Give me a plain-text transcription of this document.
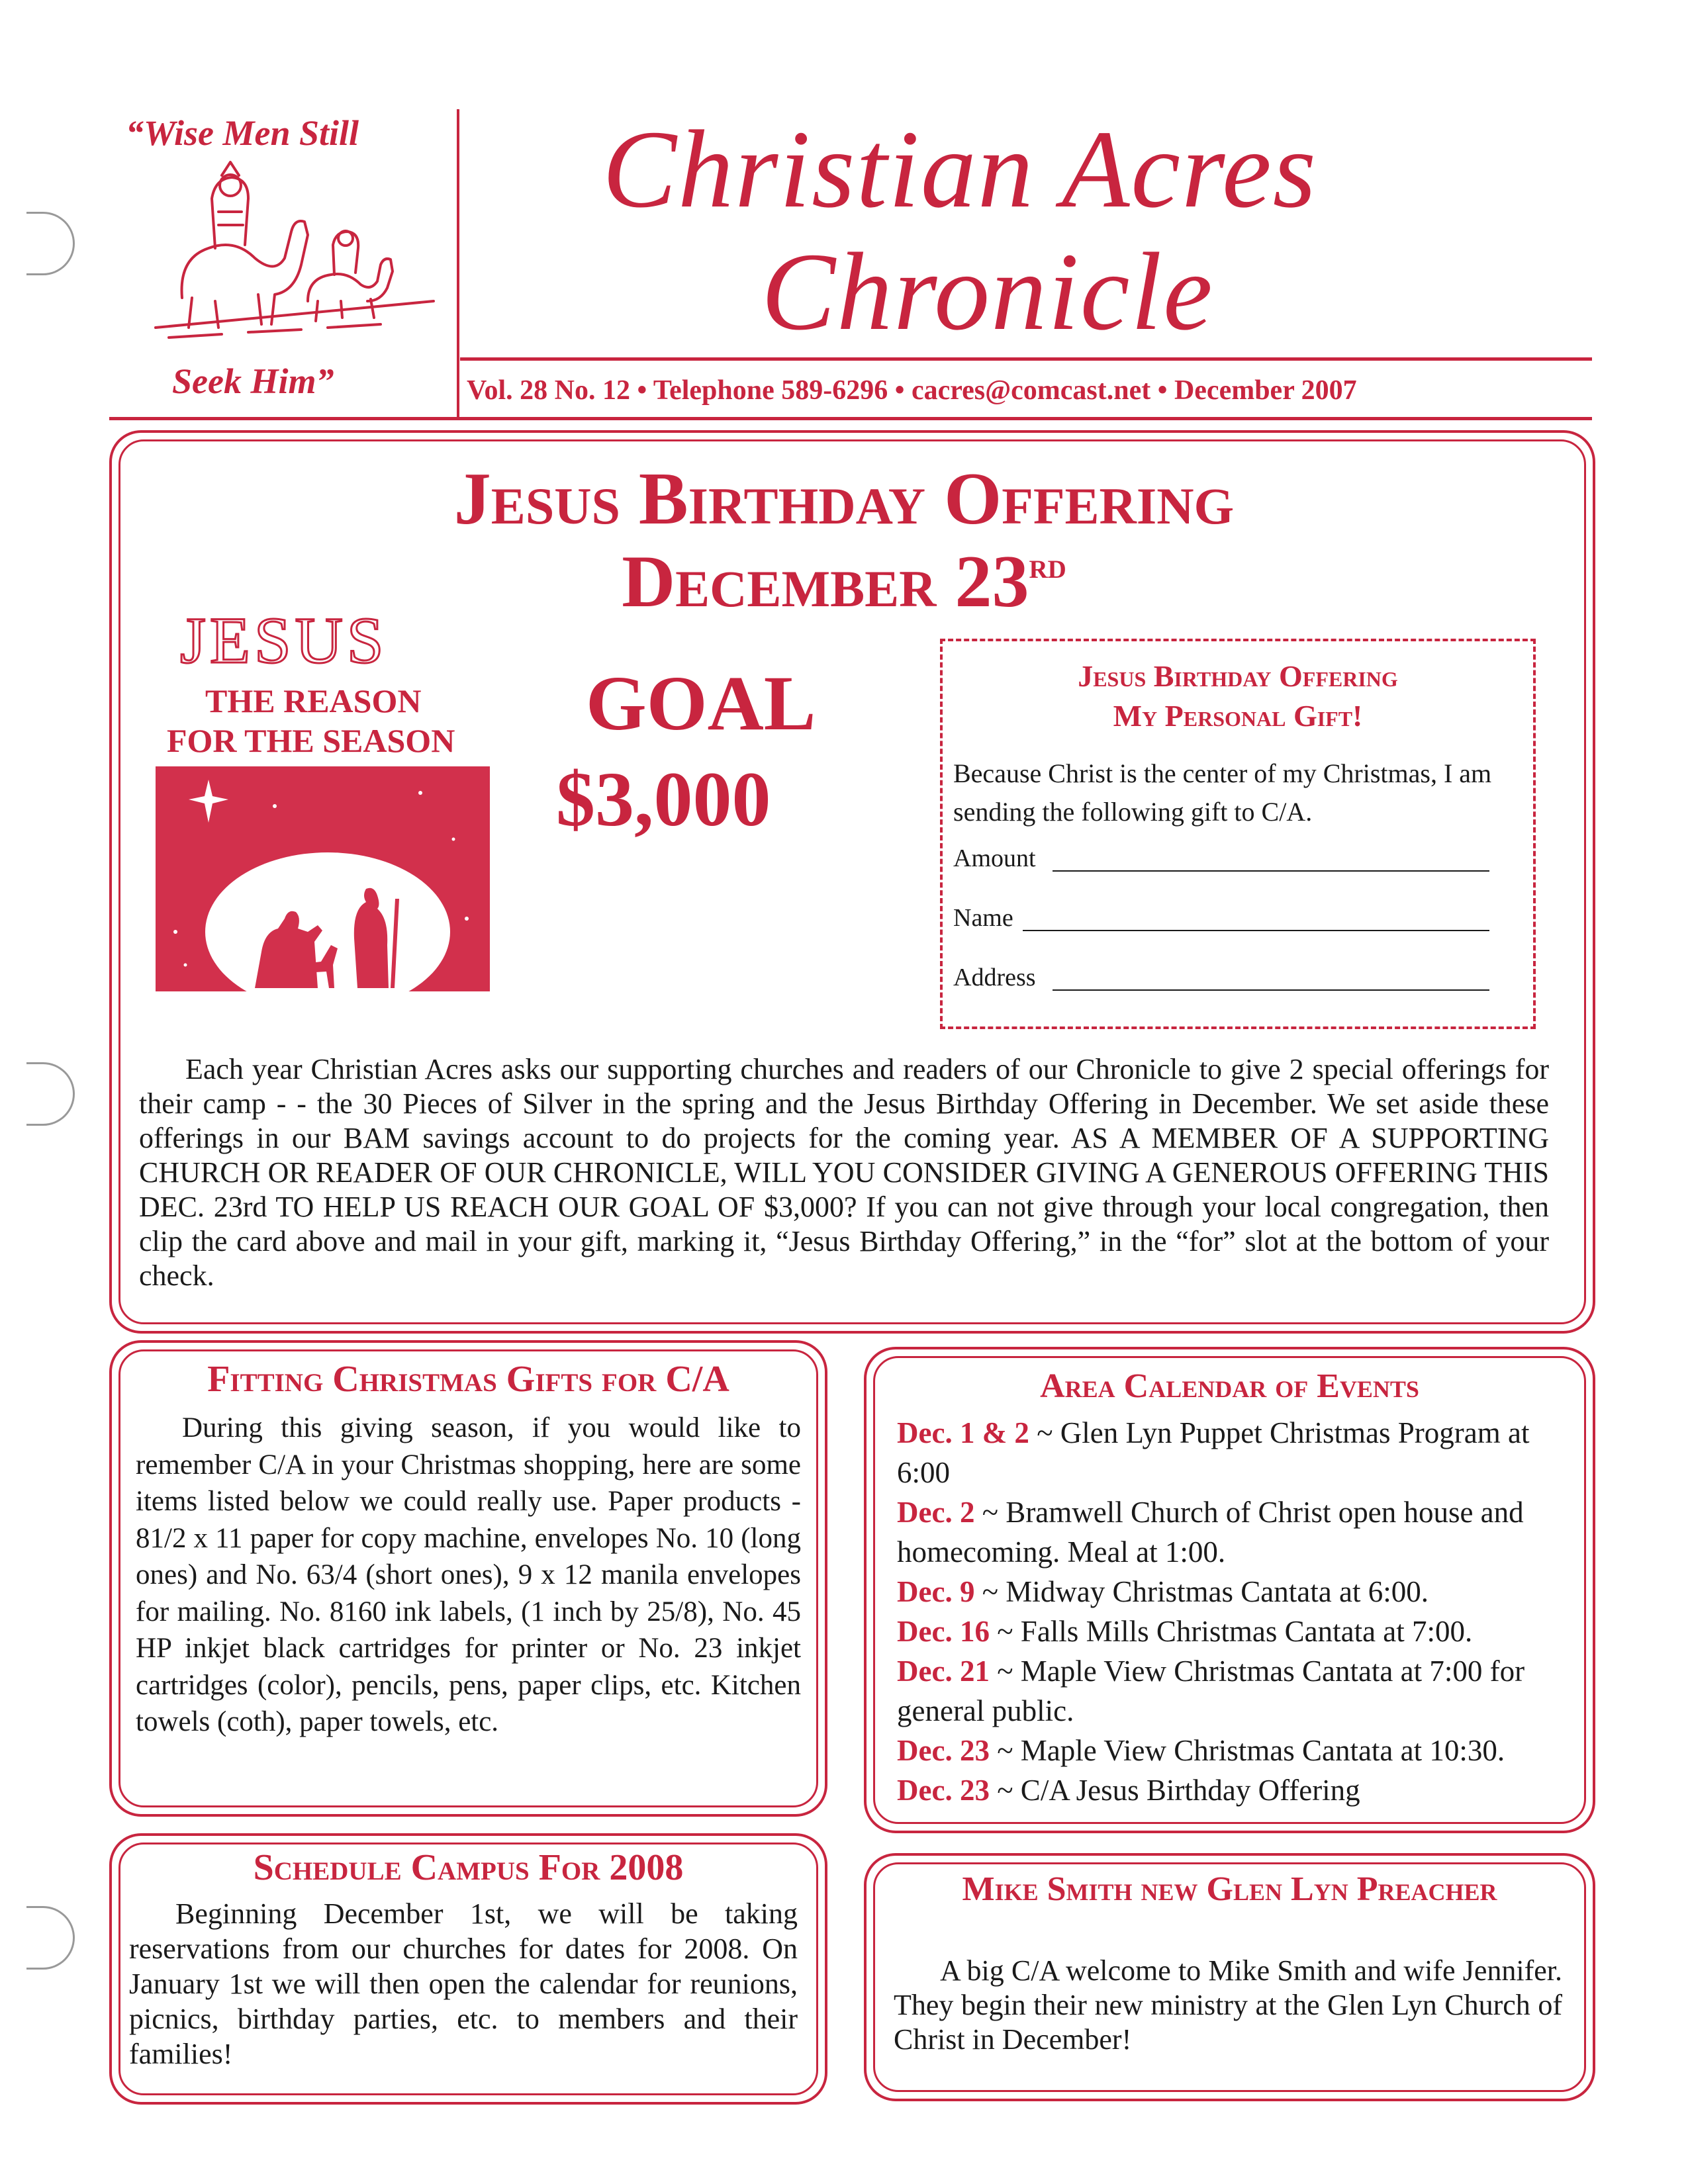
“Wise Men Still
Seek Him”
Christian Acres
Chronicle
Vol. 28 No. 12 • Telephone 589-6296 • cacres@comcast.net • December 2007
Jesus Birthday Offering
December 23rd
JESUS
THE REASON
FOR THE SEASON GOAL
$3,000
Jesus Birthday Offering
My Personal Gift!
Because Christ is the center of my Christmas, I am sending the following gift to C/A.
Amount
Name
Address

Each year Christian Acres asks our supporting churches and readers of our Chronicle to give 2 special offerings for their camp - - the 30 Pieces of Silver in the spring and the Jesus Birthday Offering in December. We set aside these offerings in our BAM savings account to do projects for the coming year. AS A MEMBER OF A SUPPORTING CHURCH OR READER OF OUR CHRONICLE, WILL YOU CONSIDER GIVING A GENEROUS OFFERING THIS DEC. 23rd TO HELP US REACH OUR GOAL OF $3,000? If you can not give through your local congregation, then clip the card above and mail in your gift, marking it, “Jesus Birthday Offering,” in the “for” slot at the bottom of your check.

Fitting Christmas Gifts for C/A

During this giving season, if you would like to remember C/A in your Christmas shopping, here are some items listed below we could really use. Paper products - 81/2 x 11 paper for copy machine, envelopes No. 10 (long ones) and No. 63/4 (short ones), 9 x 12 manila envelopes for mailing. No. 8160 ink labels, (1 inch by 25/8), No. 45 HP inkjet black cartridges for printer or No. 23 inkjet cartridges (color), pencils, pens, paper clips, etc. Kitchen towels (coth), paper towels, etc.

Area Calendar of Events

Dec. 1 & 2 ~ Glen Lyn Puppet Christmas Program at 6:00

Dec. 2 ~ Bramwell Church of Christ open house and homecoming. Meal at 1:00.

Dec. 9 ~ Midway Christmas Cantata at 6:00.

Dec. 16 ~ Falls Mills Christmas Cantata at 7:00.

Dec. 21 ~ Maple View Christmas Cantata at 7:00 for general public.

Dec. 23 ~ Maple View Christmas Cantata at 10:30.

Dec. 23 ~ C/A Jesus Birthday Offering

Schedule Campus For 2008

Beginning December 1st, we will be taking reservations from our churches for dates for 2008. On January 1st we will then open the calendar for reunions, picnics, birthday parties, etc. to members and their families!

Mike Smith new Glen Lyn Preacher

A big C/A welcome to Mike Smith and wife Jennifer. They begin their new ministry at the Glen Lyn Church of Christ in December!
